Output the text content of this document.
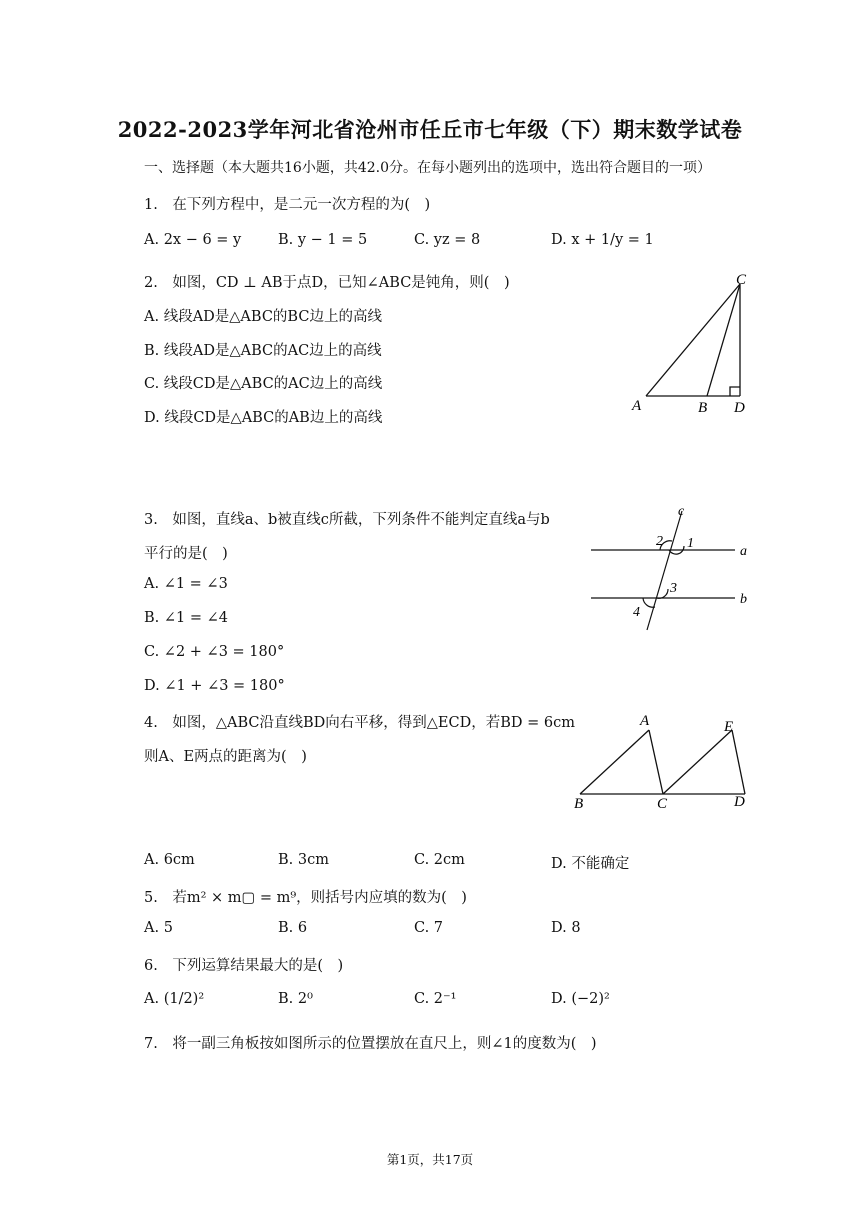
2022-2023学年河北省沧州市任丘市七年级（下）期末数学试卷
一、选择题（本大题共16小题，共42.0分。在每小题列出的选项中，选出符合题目的一项）
1.　在下列方程中，是二元一次方程的为(　)
A. 2x − 6 = y	B. y − 1 = 5	C. yz = 8	D. x + 1/y = 1
2.　如图，CD ⊥ AB于点D，已知∠ABC是钝角，则(　)
A. 线段AD是△ABC的BC边上的高线
B. 线段AD是△ABC的AC边上的高线
C. 线段CD是△ABC的AC边上的高线
D. 线段CD是△ABC的AB边上的高线
A	B
C
D
3.　如图，直线a、b被直线c所截，下列条件不能判定直线a与b
平行的是(　)
A. ∠1 = ∠3
B. ∠1 = ∠4
C. ∠2 + ∠3 = 180°
D. ∠1 + ∠3 = 180°
c
a
b
1
2
3
4
4.　如图，△ABC沿直线BD向右平移，得到△ECD，若BD = 6cm
则A、E两点的距离为(　)
A
B	C	D
E
A. 6cm	B. 3cm	C. 2cm	D. 不能确定
5.　若m² × m▢ = m⁹，则括号内应填的数为(　)
A. 5	B. 6	C. 7	D. 8
6.　下列运算结果最大的是(　)
A. (1/2)²	B. 2⁰	C. 2⁻¹	D. (−2)²
7.　将一副三角板按如图所示的位置摆放在直尺上，则∠1的度数为(　)
第1页，共17页
